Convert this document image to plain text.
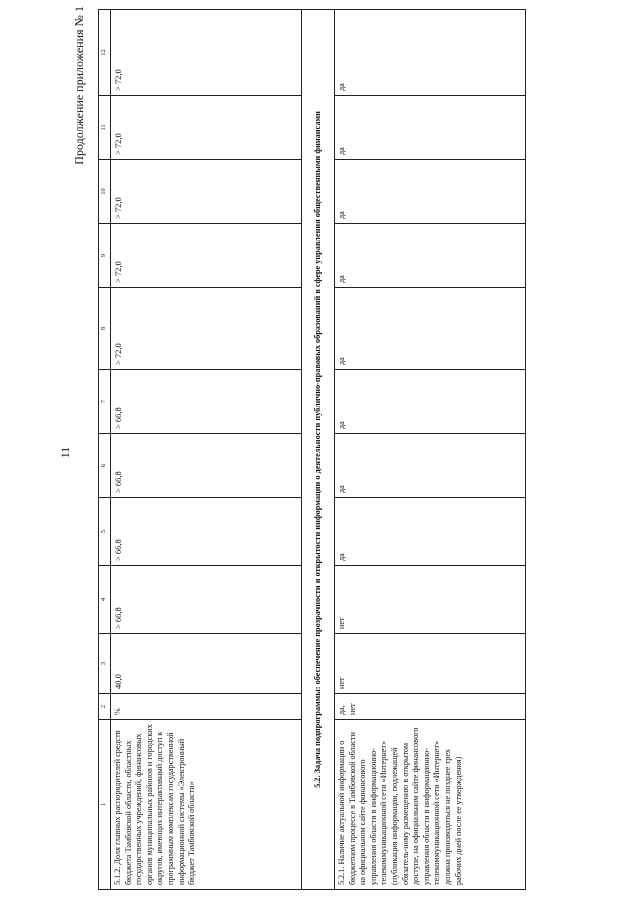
11
Продолжение приложения № 1
1	2	3	4	5	6	7	8	9	10	11	12
5.1.2. Доля главных распорядителей средств бюджета Тамбовской области, областных государственных учреждений, финансовых органов муниципальных районов и городских округов, имеющих интерактивный доступ к программным комплексам государственной информационной системы «Электронный бюджет Тамбовской области»	%	40,0	> 66,8	> 66,8	> 66,8	> 66,8	> 72,0	> 72,0	> 72,0	> 72,0	> 72,0
5.2. Задача подпрограммы: обеспечение прозрачности и открытости информации о деятельности публично-правовых образований в сфере управления общественными финансами											
5.2.1. Наличие актуальной информации о бюджетном процессе в Тамбовской области на официальном сайте финансового управления области в информационно-телекоммуникационной сети «Интернет» (публикация информации, подлежащей обязатель-ному размещению в открытом доступе, на официальном сайте финансового управления области в информационно-телекоммуникационной сети «Интернет» должна производиться не позднее трех рабочих дней после ее утверждения)	да, нет	нет	нет	да	да	да	да	да	да	да	да
